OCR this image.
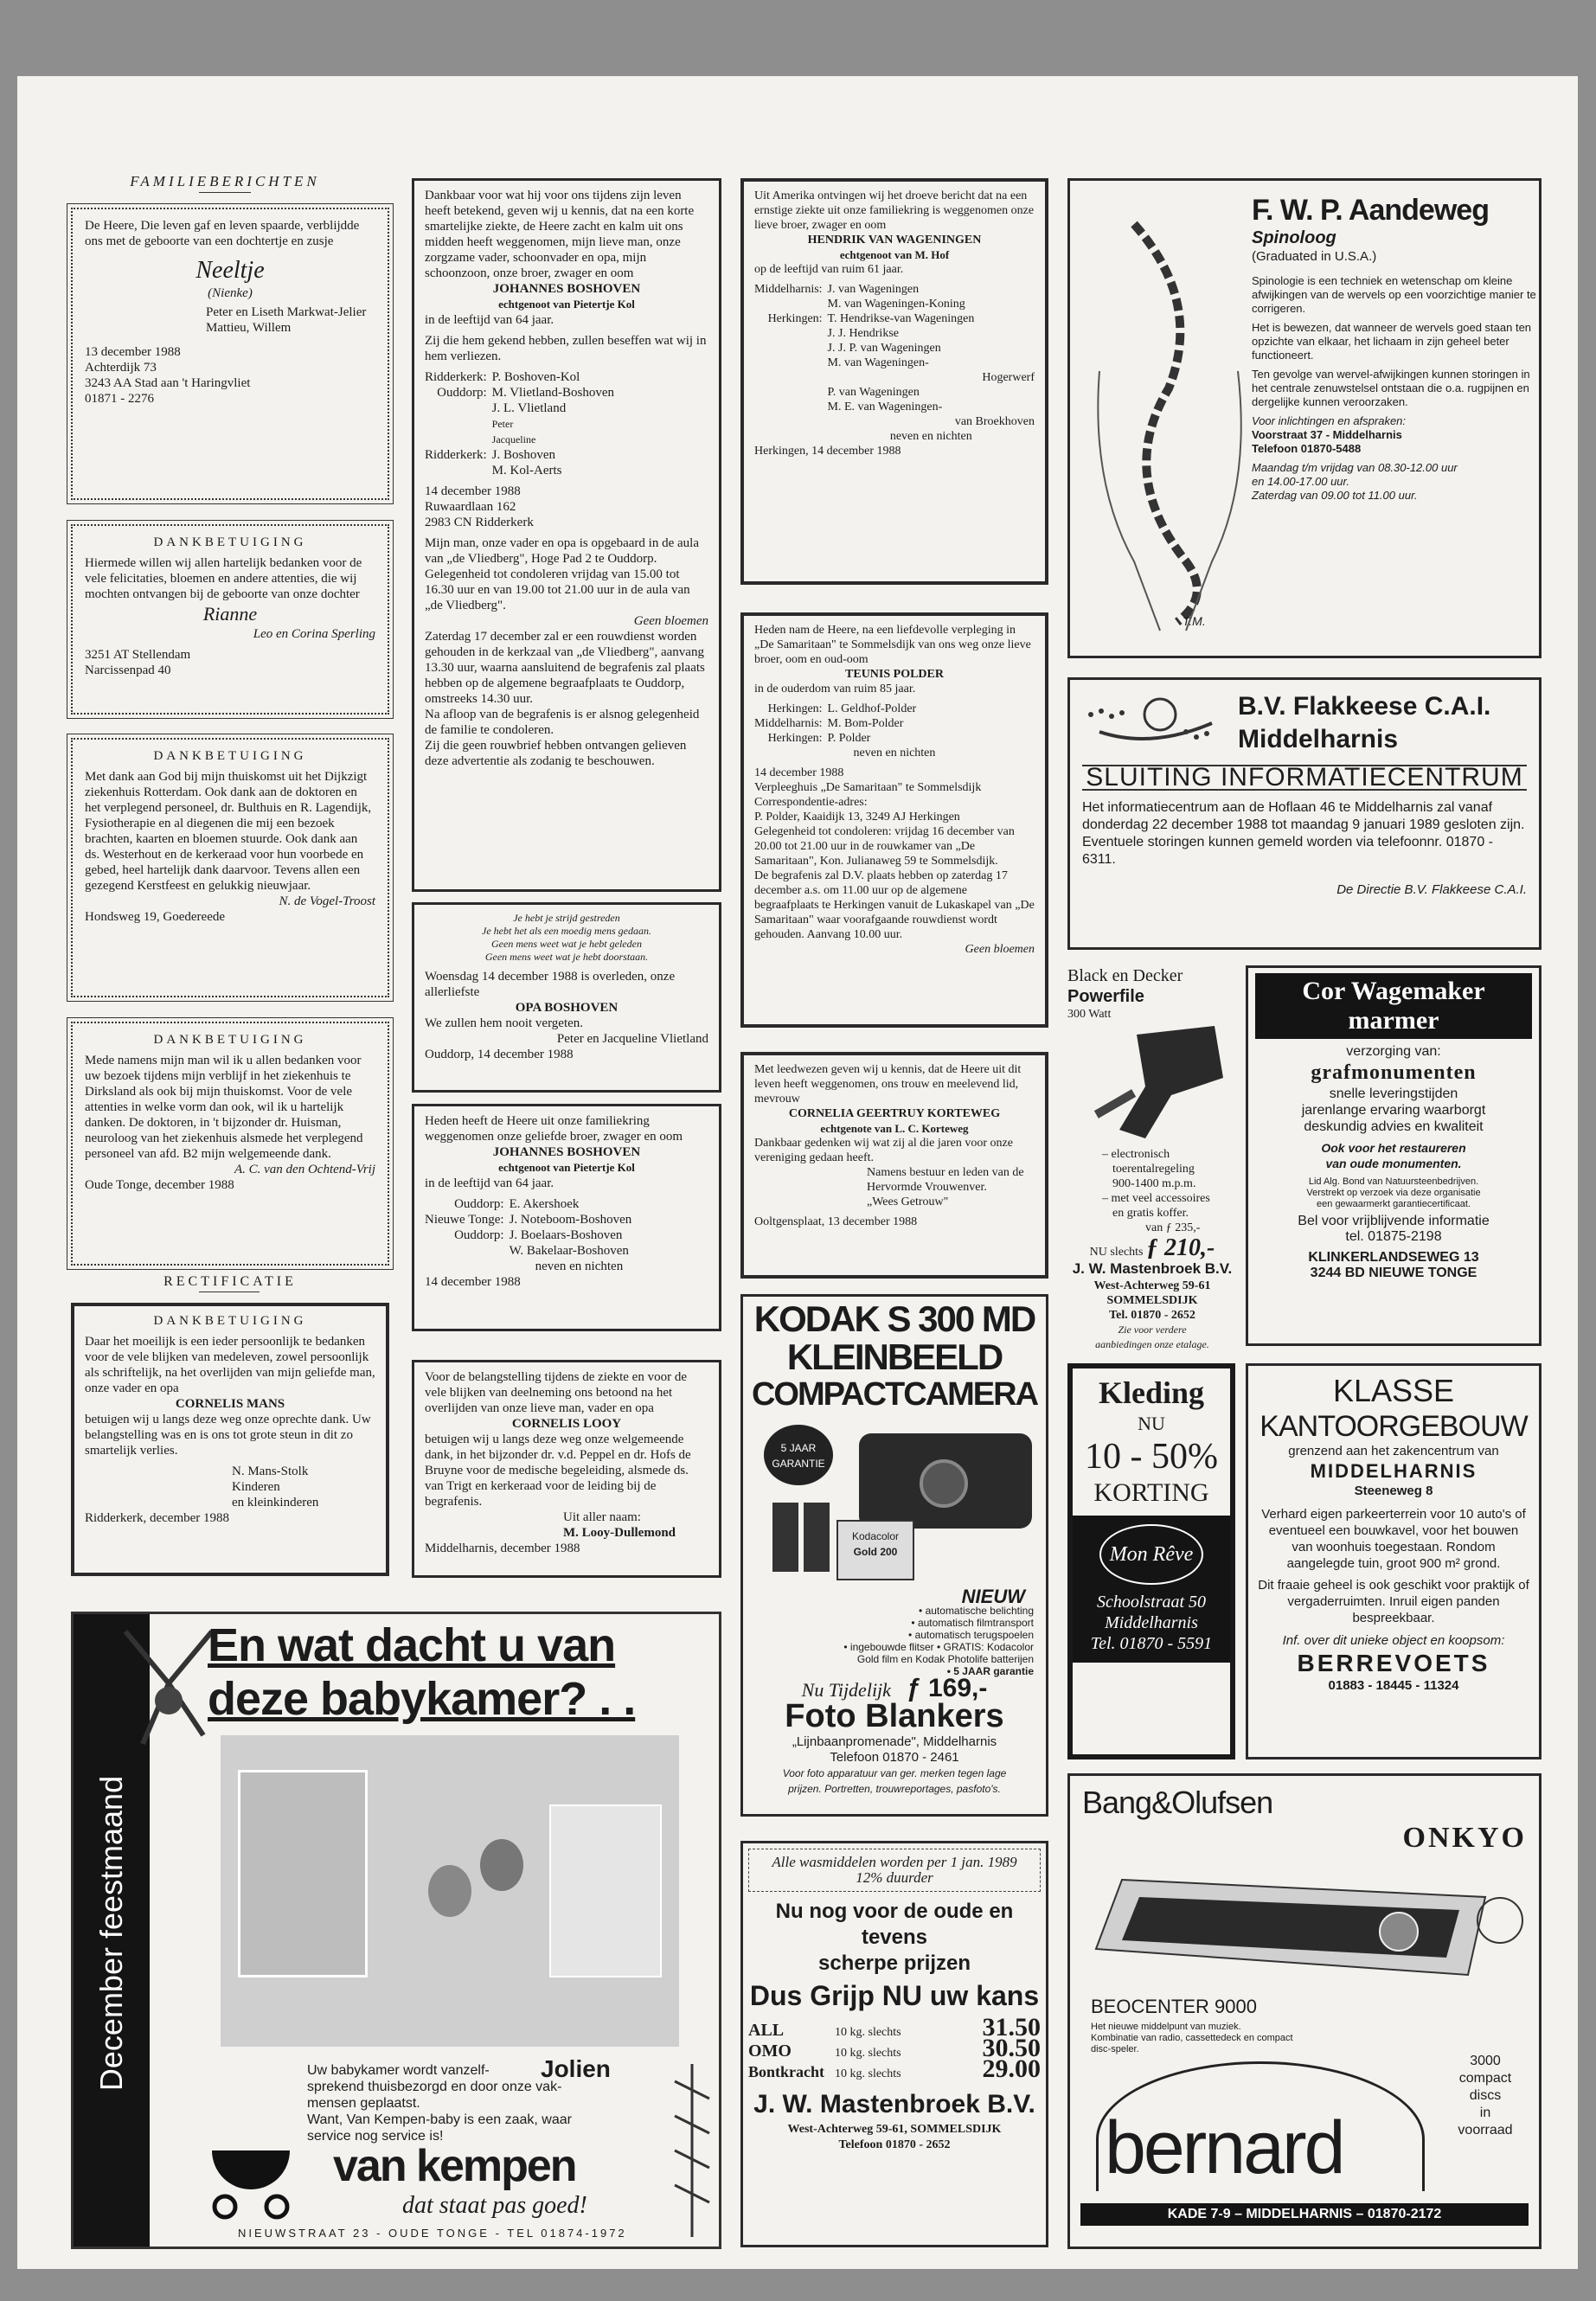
FAMILIEBERICHTEN

De Heere, Die leven gaf en leven spaarde, verblijdde ons met de geboorte van een dochtertje en zusje

Neeltje

(Nienke)

Peter en Liseth Markwat-Jelier

Mattieu, Willem

13 december 1988

Achterdijk 73

3243 AA Stad aan 't Haringvliet

01871 - 2276

DANKBETUIGING

Hiermede willen wij allen hartelijk bedanken voor de vele felicitaties, bloemen en andere attenties, die wij mochten ontvangen bij de geboorte van onze dochter

Rianne

Leo en Corina Sperling

3251 AT Stellendam

Narcissenpad 40

DANKBETUIGING

Met dank aan God bij mijn thuiskomst uit het Dijkzigt ziekenhuis Rotterdam. Ook dank aan de doktoren en het verplegend personeel, dr. Bulthuis en R. Lagendijk, Fysiotherapie en al diegenen die mij een bezoek brachten, kaarten en bloemen stuurde. Ook dank aan ds. Westerhout en de kerkeraad voor hun voorbede en gebed, heel hartelijk dank daarvoor. Tevens allen een gezegend Kerstfeest en gelukkig nieuwjaar.

N. de Vogel-Troost

Hondsweg 19, Goedereede

DANKBETUIGING

Mede namens mijn man wil ik u allen bedanken voor uw bezoek tijdens mijn verblijf in het ziekenhuis te Dirksland als ook bij mijn thuiskomst. Voor de vele attenties in welke vorm dan ook, wil ik u hartelijk danken. De doktoren, in 't bijzonder dr. Huisman, neuroloog van het ziekenhuis alsmede het verplegend personeel van afd. B2 mijn welgemeende dank.

A. C. van den Ochtend-Vrij

Oude Tonge, december 1988

RECTIFICATIE

DANKBETUIGING

Daar het moeilijk is een ieder persoonlijk te bedanken voor de vele blijken van medeleven, zowel persoonlijk als schriftelijk, na het overlijden van mijn geliefde man, onze vader en opa

CORNELIS MANS

betuigen wij u langs deze weg onze oprechte dank. Uw belangstelling was en is ons tot grote steun in dit zo smartelijk verlies.

N. Mans-Stolk

Kinderen

en kleinkinderen

Ridderkerk, december 1988

Dankbaar voor wat hij voor ons tijdens zijn leven heeft betekend, geven wij u kennis, dat na een korte smartelijke ziekte, de Heere zacht en kalm uit ons midden heeft weggenomen, mijn lieve man, onze zorgzame vader, schoonvader en opa, mijn schoonzoon, onze broer, zwager en oom

JOHANNES BOSHOVEN

echtgenoot van Pietertje Kol

in de leeftijd van 64 jaar.

Zij die hem gekend hebben, zullen beseffen wat wij in hem verliezen.

Ridderkerk: P. Boshoven-Kol
Ouddorp: M. Vlietland-Boshoven
J. L. Vlietland
Peter
Jacqueline
Ridderkerk: J. Boshoven
M. Kol-Aerts

14 december 1988

Ruwaardlaan 162

2983 CN Ridderkerk

Mijn man, onze vader en opa is opgebaard in de aula van „de Vliedberg", Hoge Pad 2 te Ouddorp.

Gelegenheid tot condoleren vrijdag van 15.00 tot 16.30 uur en van 19.00 tot 21.00 uur in de aula van „de Vliedberg".

Geen bloemen

Zaterdag 17 december zal er een rouwdienst worden gehouden in de kerkzaal van „de Vliedberg", aanvang 13.30 uur, waarna aansluitend de begrafenis zal plaats hebben op de algemene begraafplaats te Ouddorp, omstreeks 14.30 uur.

Na afloop van de begrafenis is er alsnog gelegenheid de familie te condoleren.

Zij die geen rouwbrief hebben ontvangen gelieven deze advertentie als zodanig te beschouwen.

Je hebt je strijd gestreden

Je hebt het als een moedig mens gedaan.

Geen mens weet wat je hebt geleden

Geen mens weet wat je hebt doorstaan.

Woensdag 14 december 1988 is overleden, onze allerliefste

OPA BOSHOVEN

We zullen hem nooit vergeten.

Peter en Jacqueline Vlietland

Ouddorp, 14 december 1988

Heden heeft de Heere uit onze familiekring weggenomen onze geliefde broer, zwager en oom

JOHANNES BOSHOVEN

echtgenoot van Pietertje Kol

in de leeftijd van 64 jaar.

Ouddorp: E. Akershoek
Nieuwe Tonge: J. Noteboom-Boshoven
Ouddorp: J. Boelaars-Boshoven
W. Bakelaar-Boshoven
neven en nichten

14 december 1988

Voor de belangstelling tijdens de ziekte en voor de vele blijken van deelneming ons betoond na het overlijden van onze lieve man, vader en opa

CORNELIS LOOY

betuigen wij u langs deze weg onze welgemeende dank, in het bijzonder dr. v.d. Peppel en dr. Hofs de Bruyne voor de medische begeleiding, alsmede ds. van Trigt en kerkeraad voor de leiding bij de begrafenis.

Uit aller naam:

M. Looy-Dullemond

Middelharnis, december 1988

Uit Amerika ontvingen wij het droeve bericht dat na een ernstige ziekte uit onze familiekring is weggenomen onze lieve broer, zwager en oom

HENDRIK VAN WAGENINGEN

echtgenoot van M. Hof

op de leeftijd van ruim 61 jaar.

Middelharnis: J. van Wageningen
M. van Wageningen-Koning
Herkingen: T. Hendrikse-van Wageningen
J. J. Hendrikse
J. J. P. van Wageningen
M. van Wageningen-
Hogerwerf
P. van Wageningen
M. E. van Wageningen-
van Broekhoven
neven en nichten

Herkingen, 14 december 1988

Heden nam de Heere, na een liefdevolle verpleging in „De Samaritaan" te Sommelsdijk van ons weg onze lieve broer, oom en oud-oom

TEUNIS POLDER

in de ouderdom van ruim 85 jaar.

Herkingen: L. Geldhof-Polder
Middelharnis: M. Bom-Polder
Herkingen: P. Polder
neven en nichten

14 december 1988

Verpleeghuis „De Samaritaan" te Sommelsdijk

Correspondentie-adres:

P. Polder, Kaaidijk 13, 3249 AJ Herkingen

Gelegenheid tot condoleren: vrijdag 16 december van 20.00 tot 21.00 uur in de rouwkamer van „De Samaritaan", Kon. Julianaweg 59 te Sommelsdijk.

De begrafenis zal D.V. plaats hebben op zaterdag 17 december a.s. om 11.00 uur op de algemene begraafplaats te Herkingen vanuit de Lukaskapel van „De Samaritaan" waar voorafgaande rouwdienst wordt gehouden. Aanvang 10.00 uur.

Geen bloemen

Met leedwezen geven wij u kennis, dat de Heere uit dit leven heeft weggenomen, ons trouw en meelevend lid, mevrouw

CORNELIA GEERTRUY KORTEWEG

echtgenote van L. C. Korteweg

Dankbaar gedenken wij wat zij al die jaren voor onze vereniging gedaan heeft.

Namens bestuur en leden van de Hervormde Vrouwenver.

„Wees Getrouw"

Ooltgensplaat, 13 december 1988

KODAK S 300 MD

KLEINBEELD

COMPACTCAMERA

5 JAAR
GARANTIE
Kodacolor
Gold 200

NIEUW

• automatische belichting

• automatisch filmtransport

• automatisch terugspoelen

• ingebouwde flitser • GRATIS: Kodacolor

Gold film en Kodak Photolife batterijen

• 5 JAAR garantie

Nu Tijdelijk ƒ 169,-

Foto Blankers

„Lijnbaanpromenade", Middelharnis

Telefoon 01870 - 2461

Voor foto apparatuur van ger. merken tegen lage

prijzen. Portretten, trouwreportages, pasfoto's.

Alle wasmiddelen worden per 1 jan. 1989

12% duurder

Nu nog voor de oude en tevens

scherpe prijzen

Dus Grijp NU uw kans

ALL	10 kg. slechts	31.50
OMO	10 kg. slechts	30.50
Bontkracht 10 kg. slechts	29.00

J. W. Mastenbroek B.V.

West-Achterweg 59-61, SOMMELSDIJK

Telefoon 01870 - 2652

T.M.

F. W. P. Aandeweg

Spinoloog

(Graduated in U.S.A.)

Spinologie is een techniek en wetenschap om kleine afwijkingen van de wervels op een voorzichtige manier te corrigeren.

Het is bewezen, dat wanneer de wervels goed staan ten opzichte van elkaar, het lichaam in zijn geheel beter functioneert.

Ten gevolge van wervel-afwijkingen kunnen storingen in het centrale zenuwstelsel ontstaan die o.a. rugpijnen en dergelijke kunnen veroorzaken.

Voor inlichtingen en afspraken:

Voorstraat 37 - Middelharnis

Telefoon 01870-5488

Maandag t/m vrijdag van 08.30-12.00 uur

en 14.00-17.00 uur.

Zaterdag van 09.00 tot 11.00 uur.

B.V. Flakkeese C.A.I.

Middelharnis

SLUITING INFORMATIECENTRUM

Het informatiecentrum aan de Hoflaan 46 te Middelharnis zal vanaf donderdag 22 december 1988 tot maandag 9 januari 1989 gesloten zijn. Eventuele storingen kunnen gemeld worden via telefoonnr. 01870 - 6311.

De Directie B.V. Flakkeese C.A.I.

Black en Decker

Powerfile

300 Watt

– electronisch

toerentalregeling

900-1400 m.p.m.

– met veel accessoires

en gratis koffer.

van ƒ 235,-

NU slechts ƒ 210,-

J. W. Mastenbroek B.V.

West-Achterweg 59-61

SOMMELSDIJK

Tel. 01870 - 2652

Zie voor verdere

aanbiedingen onze etalage.

Cor Wagemaker

marmer

verzorging van:

grafmonumenten

snelle leveringstijden

jarenlange ervaring waarborgt

deskundig advies en kwaliteit

Ook voor het restaureren

van oude monumenten.

Lid Alg. Bond van Natuursteenbedrijven.

Verstrekt op verzoek via deze organisatie

een gewaarmerkt garantiecertificaat.

Bel voor vrijblijvende informatie

tel. 01875-2198

KLINKERLANDSEWEG 13

3244 BD NIEUWE TONGE

Kleding

NU

10 - 50%

KORTING

Mon Rêve

Schoolstraat 50

Middelharnis

Tel. 01870 - 5591

KLASSE

KANTOORGEBOUW

grenzend aan het zakencentrum van

MIDDELHARNIS

Steeneweg 8

Verhard eigen parkeerterrein voor 10 auto's of eventueel een bouwkavel, voor het bouwen van woonhuis toegestaan. Rondom aangelegde tuin, groot 900 m² grond.

Dit fraaie geheel is ook geschikt voor praktijk of vergaderruimten. Inruil eigen panden bespreekbaar.

Inf. over dit unieke object en koopsom:

BERREVOETS

01883 - 18445 - 11324

Bang&Olufsen

ONKYO

BEOCENTER 9000

Het nieuwe middelpunt van muziek.

Kombinatie van radio, cassettedeck en compact

disc-speler.

3000

compact

discs

in

voorraad

bernard

KADE 7-9 – MIDDELHARNIS – 01870-2172
December feestmaand

En wat dacht u van

deze babykamer? . .

Jolien

Uw babykamer wordt vanzelf-

sprekend thuisbezorgd en door onze vak-

mensen geplaatst.

Want, Van Kempen-baby is een zaak, waar

service nog service is!

van kempen

dat staat pas goed!

NIEUWSTRAAT 23 - OUDE TONGE - TEL 01874-1972
